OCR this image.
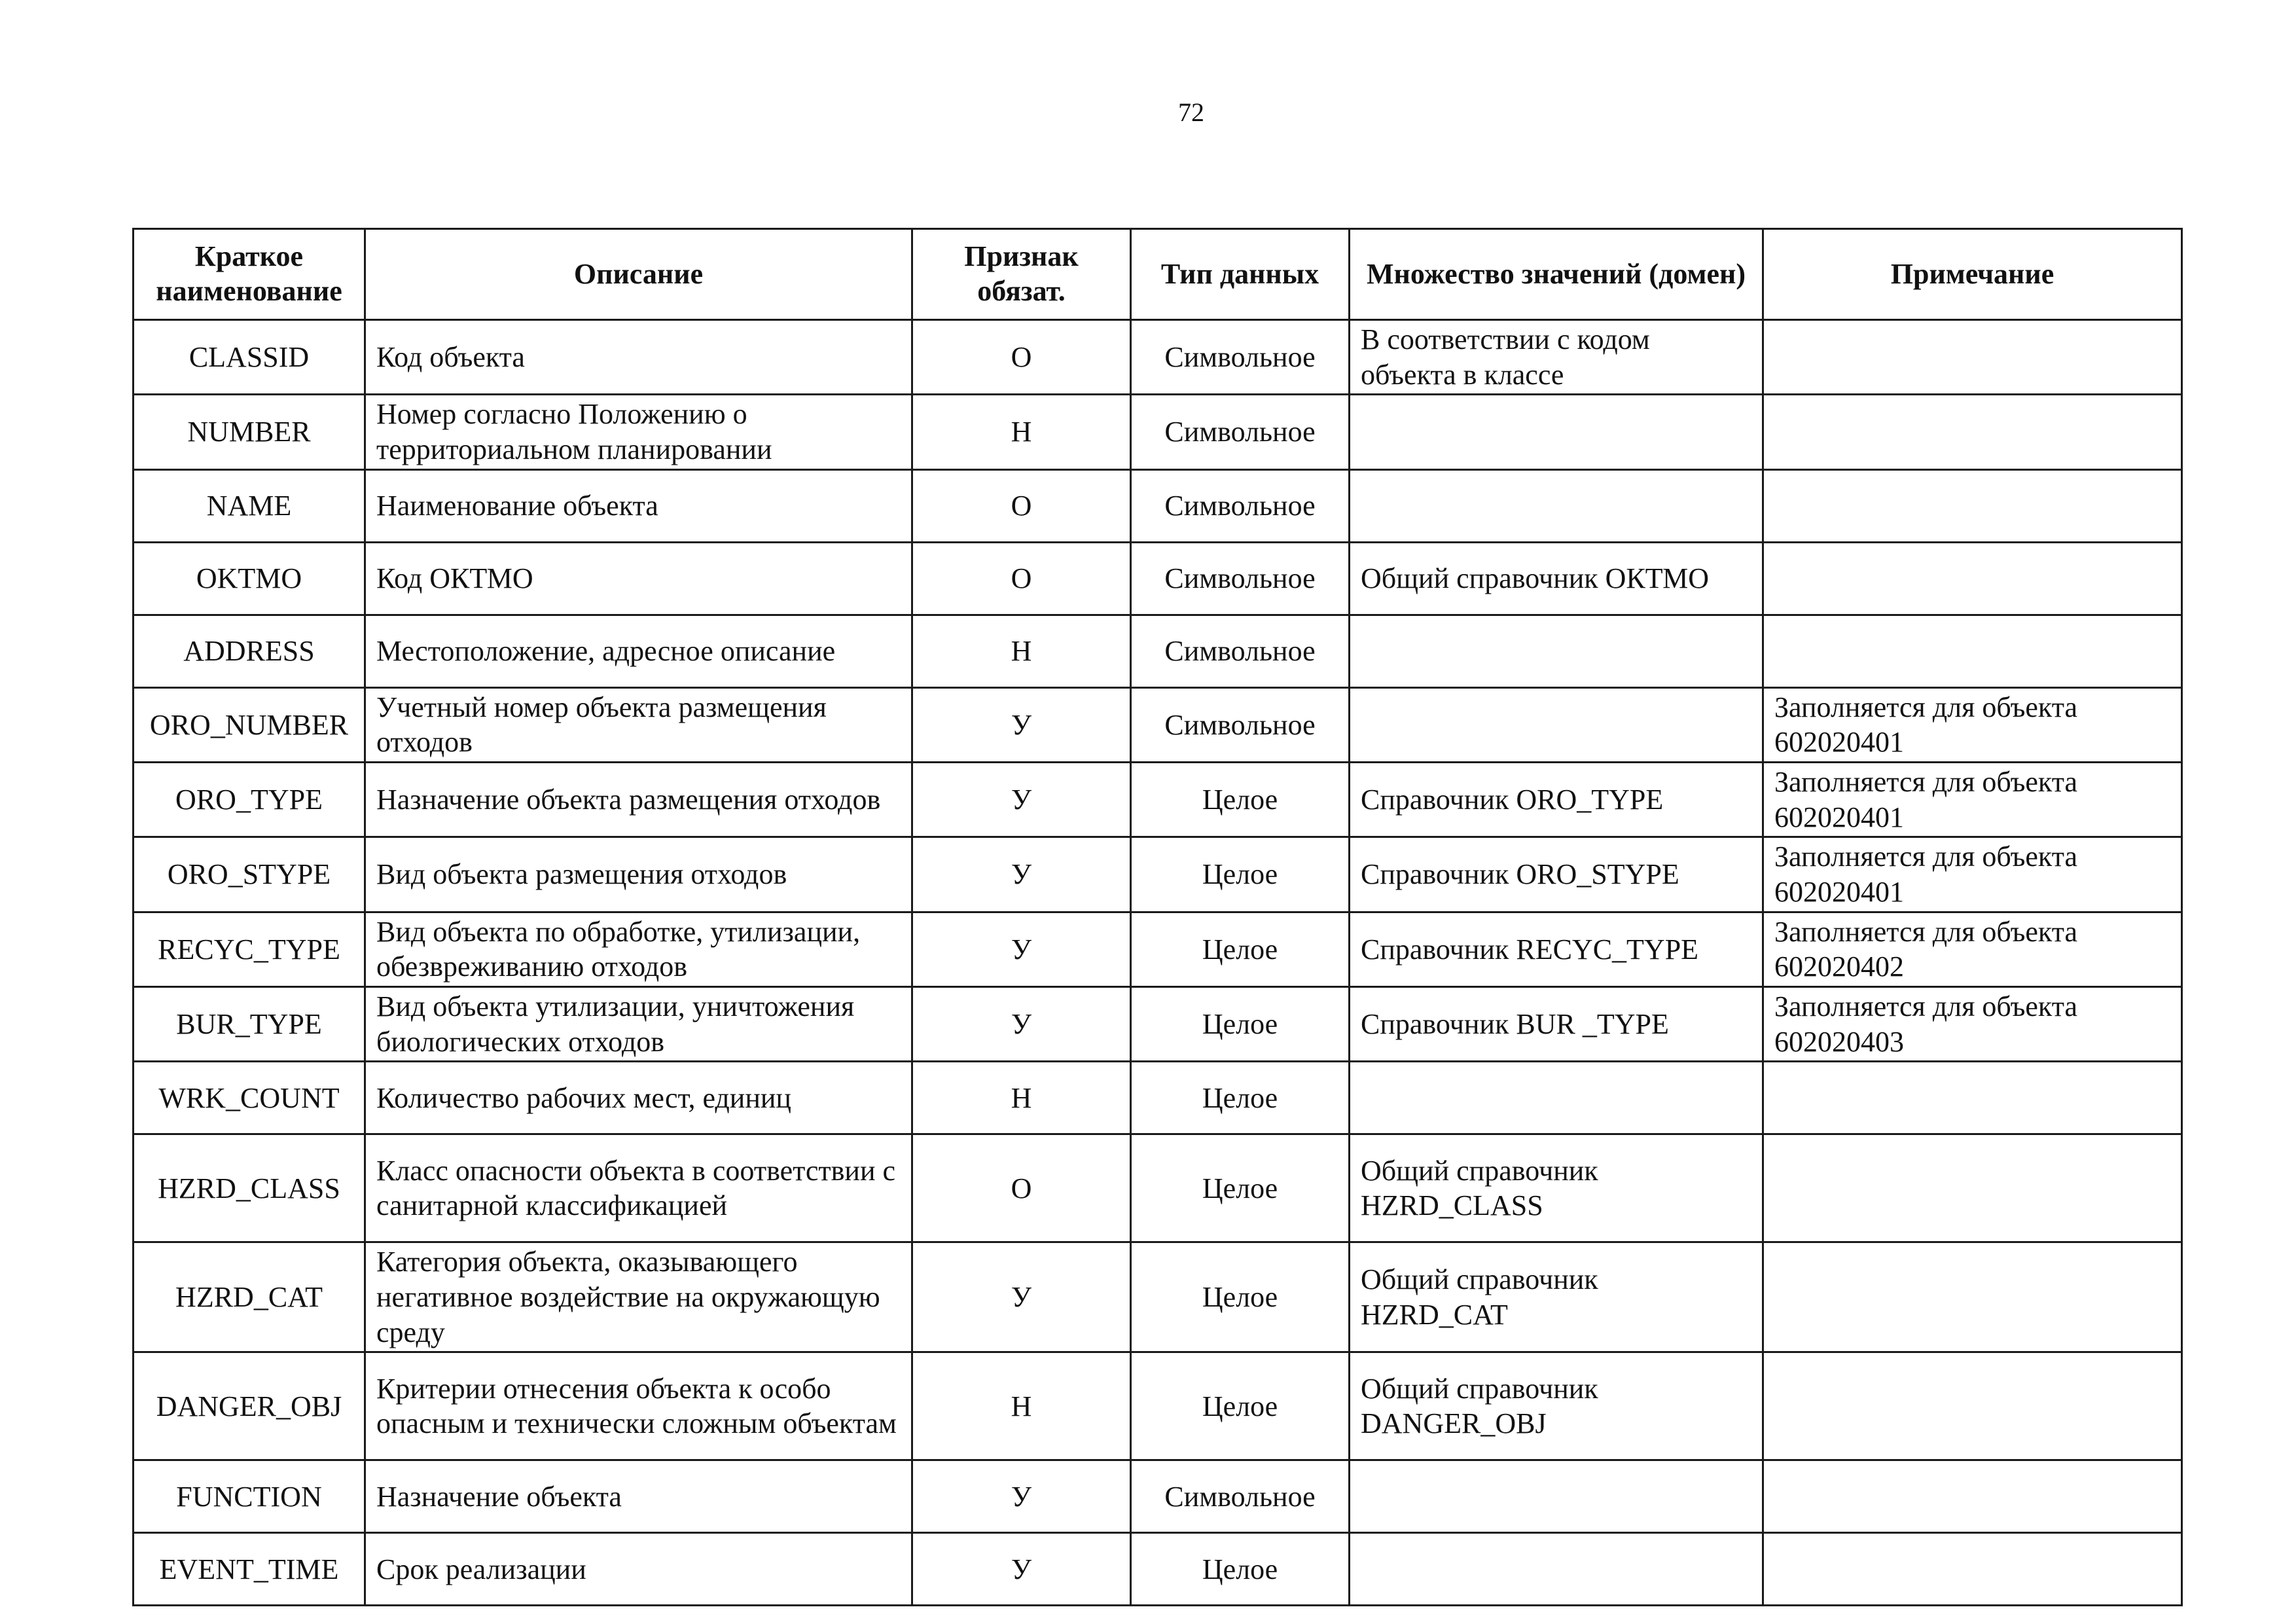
72
Краткое наименование	Описание	Признак обязат.	Тип данных	Множество значений (домен)	Примечание
CLASSID	Код объекта	О	Символьное	В соответствии с кодом объекта в классе	
NUMBER	Номер согласно Положению о территориальном планировании	Н	Символьное		
NAME	Наименование объекта	О	Символьное		
OKTMO	Код ОКТМО	О	Символьное	Общий справочник ОКТМО	
ADDRESS	Местоположение, адресное описание	Н	Символьное		
ORO_NUMBER	Учетный номер объекта размещения отходов	У	Символьное		Заполняется для объекта 602020401
ORO_TYPE	Назначение объекта размещения отходов	У	Целое	Справочник ORO_TYPE	Заполняется для объекта 602020401
ORO_STYPE	Вид объекта размещения отходов	У	Целое	Справочник ORO_STYPE	Заполняется для объекта 602020401
RECYC_TYPE	Вид объекта по обработке, утилизации, обезвреживанию отходов	У	Целое	Справочник RECYC_TYPE	Заполняется для объекта 602020402
BUR_TYPE	Вид объекта утилизации, уничтожения биологических отходов	У	Целое	Справочник BUR _TYPE	Заполняется для объекта 602020403
WRK_COUNT	Количество рабочих мест, единиц	Н	Целое		
HZRD_CLASS	Класс опасности объекта в соответствии с санитарной классификацией	О	Целое	Общий справочник HZRD_CLASS	
HZRD_CAT	Категория объекта, оказывающего негативное воздействие на окружающую среду	У	Целое	Общий справочник HZRD_CAT	
DANGER_OBJ	Критерии отнесения объекта к особо опасным и технически сложным объектам	Н	Целое	Общий справочник DANGER_OBJ	
FUNCTION	Назначение объекта	У	Символьное		
EVENT_TIME	Срок реализации	У	Целое		
